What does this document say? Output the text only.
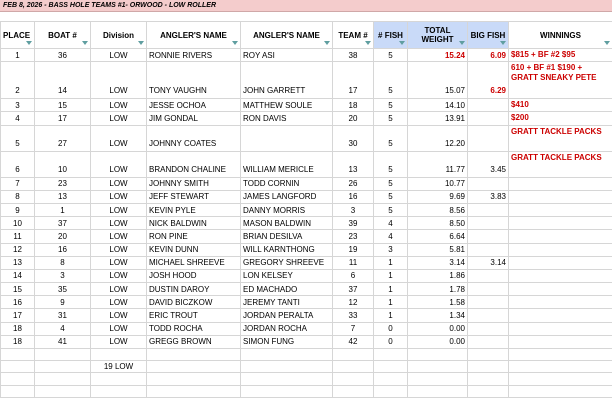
FEB 8, 2026 - BASS HOLE TEAMS #1- ORWOOD - LOW ROLLER
PLACE	BOAT #	Division	ANGLER'S NAME	ANGLER'S NAME	TEAM #	# FISH	TOTAL WEIGHT	BIG FISH	WINNINGS

1	36	LOW	RONNIE RIVERS	ROY ASI	38	5	15.24	6.09	$815 + BF #2 $95
2	14	LOW	TONY VAUGHN	JOHN GARRETT	17	5	15.07	6.29	610 + BF #1 $190 + GRATT SNEAKY PETE
3	15	LOW	JESSE OCHOA	MATTHEW SOULE	18	5	14.10		$410
4	17	LOW	JIM GONDAL	RON DAVIS	20	5	13.91		$200
5	27	LOW	JOHNNY COATES		30	5	12.20		GRATT TACKLE PACKS
6	10	LOW	BRANDON CHALINE	WILLIAM MERICLE	13	5	11.77	3.45	GRATT TACKLE PACKS
7	23	LOW	JOHNNY SMITH	TODD CORNIN	26	5	10.77		
8	13	LOW	JEFF STEWART	JAMES LANGFORD	16	5	9.69	3.83	
9	1	LOW	KEVIN PYLE	DANNY MORRIS	3	5	8.56		
10	37	LOW	NICK BALDWIN	MASON BALDWIN	39	4	8.50		
11	20	LOW	RON PINE	BRIAN DESILVA	23	4	6.64		
12	16	LOW	KEVIN DUNN	WILL KARNTHONG	19	3	5.81		
13	8	LOW	MICHAEL SHREEVE	GREGORY SHREEVE	11	1	3.14	3.14	
14	3	LOW	JOSH HOOD	LON KELSEY	6	1	1.86		
15	35	LOW	DUSTIN DAROY	ED MACHADO	37	1	1.78		
16	9	LOW	DAVID BICZKOW	JEREMY TANTI	12	1	1.58		
17	31	LOW	ERIC TROUT	JORDAN PERALTA	33	1	1.34		
18	4	LOW	TODD ROCHA	JORDAN ROCHA	7	0	0.00		
18	41	LOW	GREGG BROWN	SIMON FUNG	42	0	0.00		

		19 LOW							
